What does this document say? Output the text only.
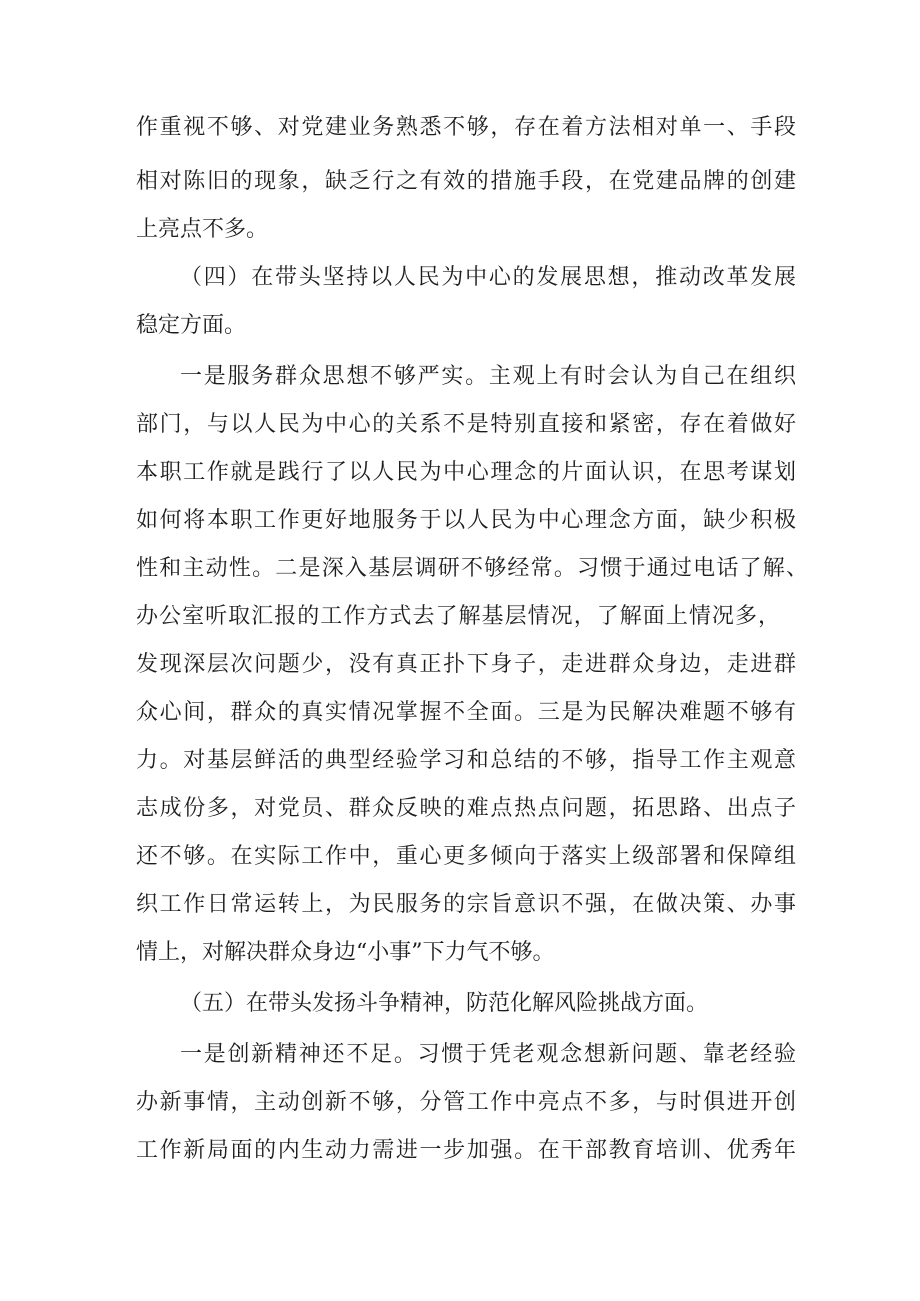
作重视不够、对党建业务熟悉不够，存在着方法相对单一、手段
相对陈旧的现象，缺乏行之有效的措施手段，在党建品牌的创建
上亮点不多。
（四）在带头坚持以人民为中心的发展思想，推动改革发展
稳定方面。
一是服务群众思想不够严实。主观上有时会认为自己在组织
部门，与以人民为中心的关系不是特别直接和紧密，存在着做好
本职工作就是践行了以人民为中心理念的片面认识，在思考谋划
如何将本职工作更好地服务于以人民为中心理念方面，缺少积极
性和主动性。二是深入基层调研不够经常。习惯于通过电话了解、
办公室听取汇报的工作方式去了解基层情况，了解面上情况多，
发现深层次问题少，没有真正扑下身子，走进群众身边，走进群
众心间，群众的真实情况掌握不全面。三是为民解决难题不够有
力。对基层鲜活的典型经验学习和总结的不够，指导工作主观意
志成份多，对党员、群众反映的难点热点问题，拓思路、出点子
还不够。在实际工作中，重心更多倾向于落实上级部署和保障组
织工作日常运转上，为民服务的宗旨意识不强，在做决策、办事
情上，对解决群众身边“小事”下力气不够。
（五）在带头发扬斗争精神，防范化解风险挑战方面。
一是创新精神还不足。习惯于凭老观念想新问题、靠老经验
办新事情，主动创新不够，分管工作中亮点不多，与时俱进开创
工作新局面的内生动力需进一步加强。在干部教育培训、优秀年
